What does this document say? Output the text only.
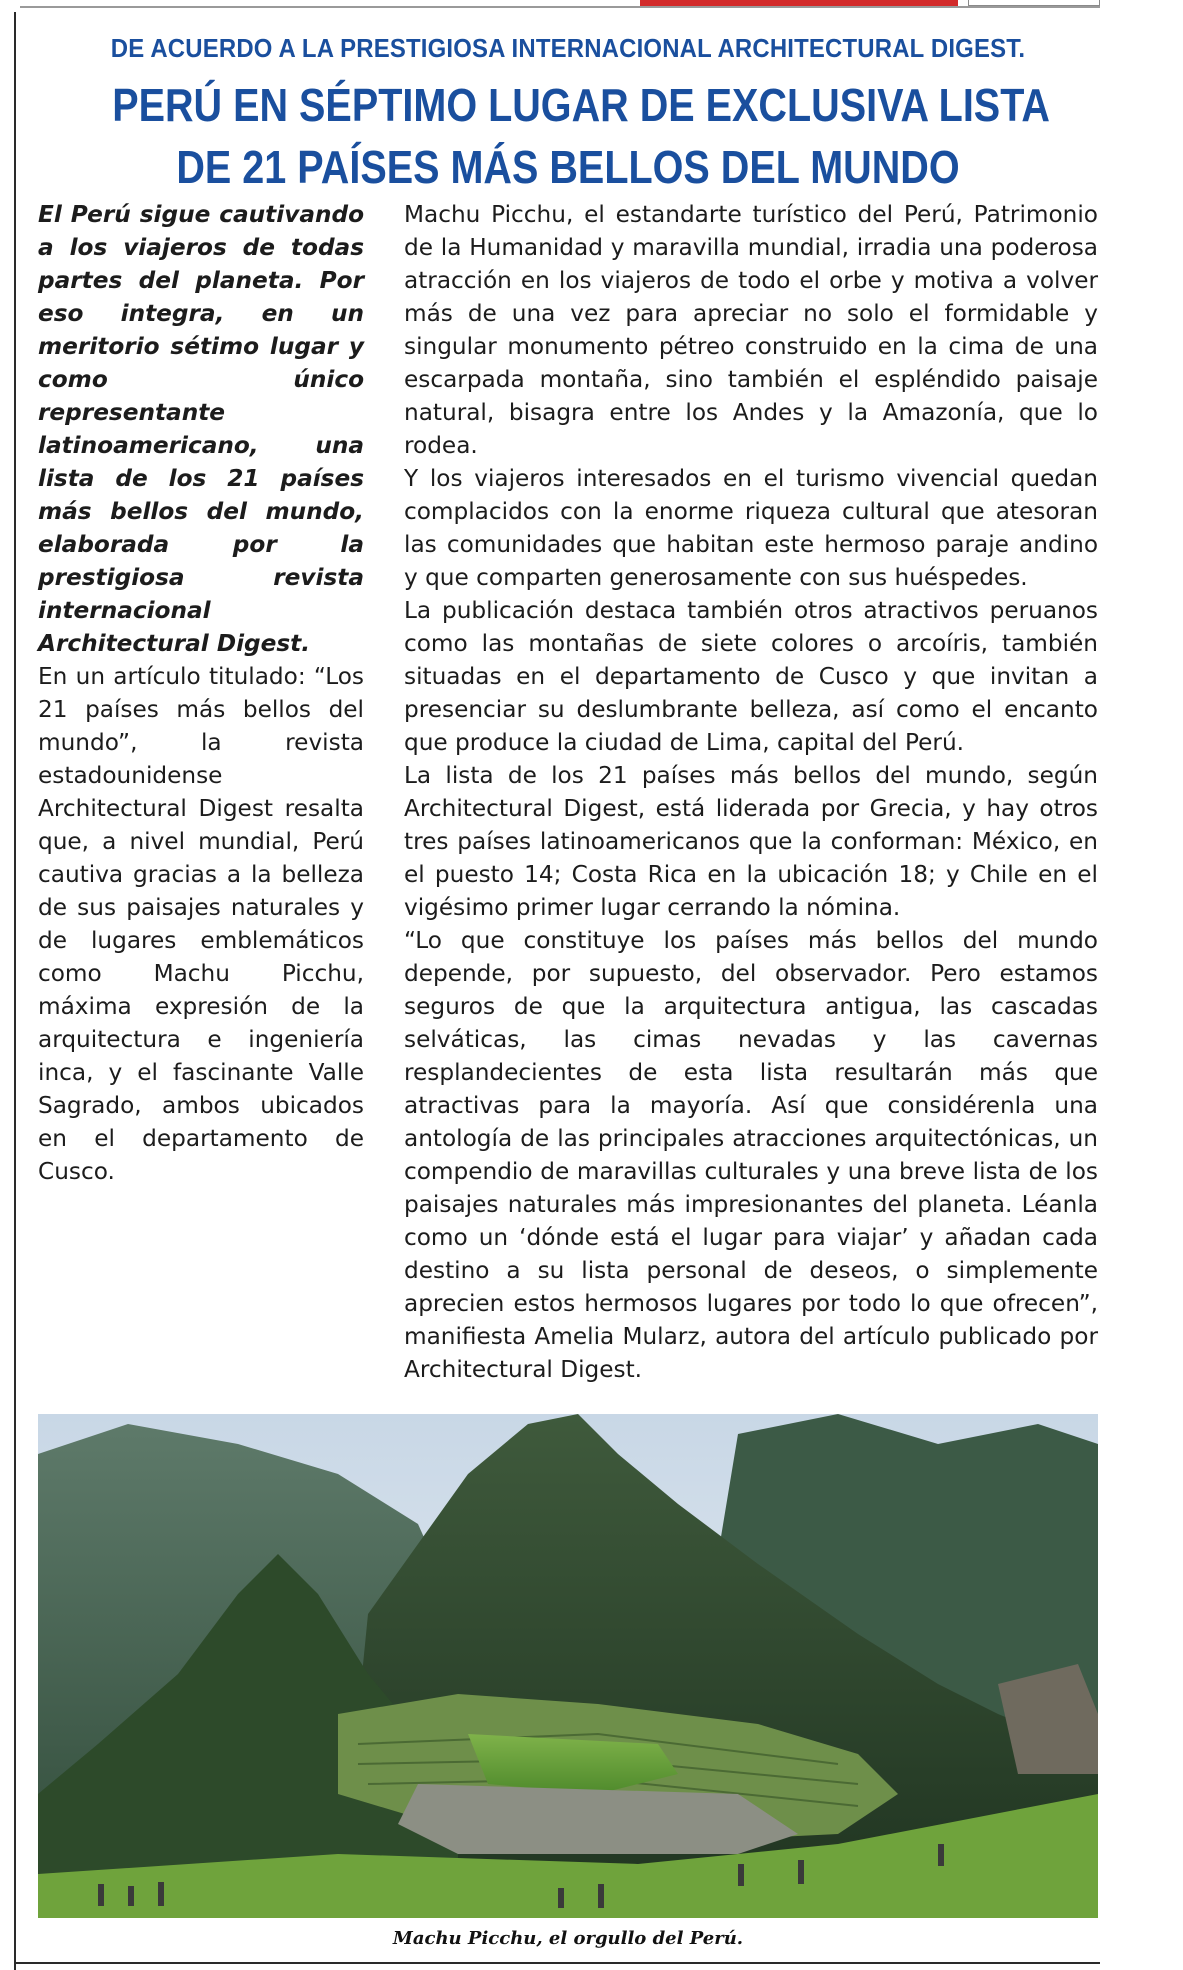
DE ACUERDO A LA PRESTIGIOSA INTERNACIONAL ARCHITECTURAL DIGEST.
PERÚ EN SÉPTIMO LUGAR DE EXCLUSIVA LISTA
DE 21 PAÍSES MÁS BELLOS DEL MUNDO

El Perú sigue cautivando a los viajeros de todas partes del planeta. Por eso integra, en un meritorio sétimo lugar y como único representante latinoamericano, una lista de los 21 países más bellos del mundo, elaborada por la prestigiosa revista internacional Architectural Digest.

En un artículo titulado: “Los 21 países más bellos del mundo”, la revista estadounidense Architectural Digest resalta que, a nivel mundial, Perú cautiva gracias a la belleza de sus paisajes naturales y de lugares emblemáticos como Machu Picchu, máxima expresión de la arquitectura e ingeniería inca, y el fascinante Valle Sagrado, ambos ubicados en el departamento de Cusco.

Machu Picchu, el estandarte turístico del Perú, Patrimonio de la Humanidad y maravilla mundial, irradia una poderosa atracción en los viajeros de todo el orbe y motiva a volver más de una vez para apreciar no solo el formidable y singular monumento pétreo construido en la cima de una escarpada montaña, sino también el espléndido paisaje natural, bisagra entre los Andes y la Amazonía, que lo rodea.

Y los viajeros interesados en el turismo vivencial quedan complacidos con la enorme riqueza cultural que atesoran las comunidades que habitan este hermoso paraje andino y que comparten generosamente con sus huéspedes.

La publicación destaca también otros atractivos peruanos como las montañas de siete colores o arcoíris, también situadas en el departamento de Cusco y que invitan a presenciar su deslumbrante belleza, así como el encanto que produce la ciudad de Lima, capital del Perú.

La lista de los 21 países más bellos del mundo, según Architectural Digest, está liderada por Grecia, y hay otros tres países latinoamericanos que la conforman: México, en el puesto 14; Costa Rica en la ubicación 18; y Chile en el vigésimo primer lugar cerrando la nómina.

“Lo que constituye los países más bellos del mundo depende, por supuesto, del observador. Pero estamos seguros de que la arquitectura antigua, las cascadas selváticas, las cimas nevadas y las cavernas resplandecientes de esta lista resultarán más que atractivas para la mayoría. Así que considérenla una antología de las principales atracciones arquitectónicas, un compendio de maravillas culturales y una breve lista de los paisajes naturales más impresionantes del planeta. Léanla como un ‘dónde está el lugar para viajar’ y añadan cada destino a su lista personal de deseos, o simplemente aprecien estos hermosos lugares por todo lo que ofrecen”, manifiesta Amelia Mularz, autora del artículo publicado por Architectural Digest.

Machu Picchu, el orgullo del Perú.
